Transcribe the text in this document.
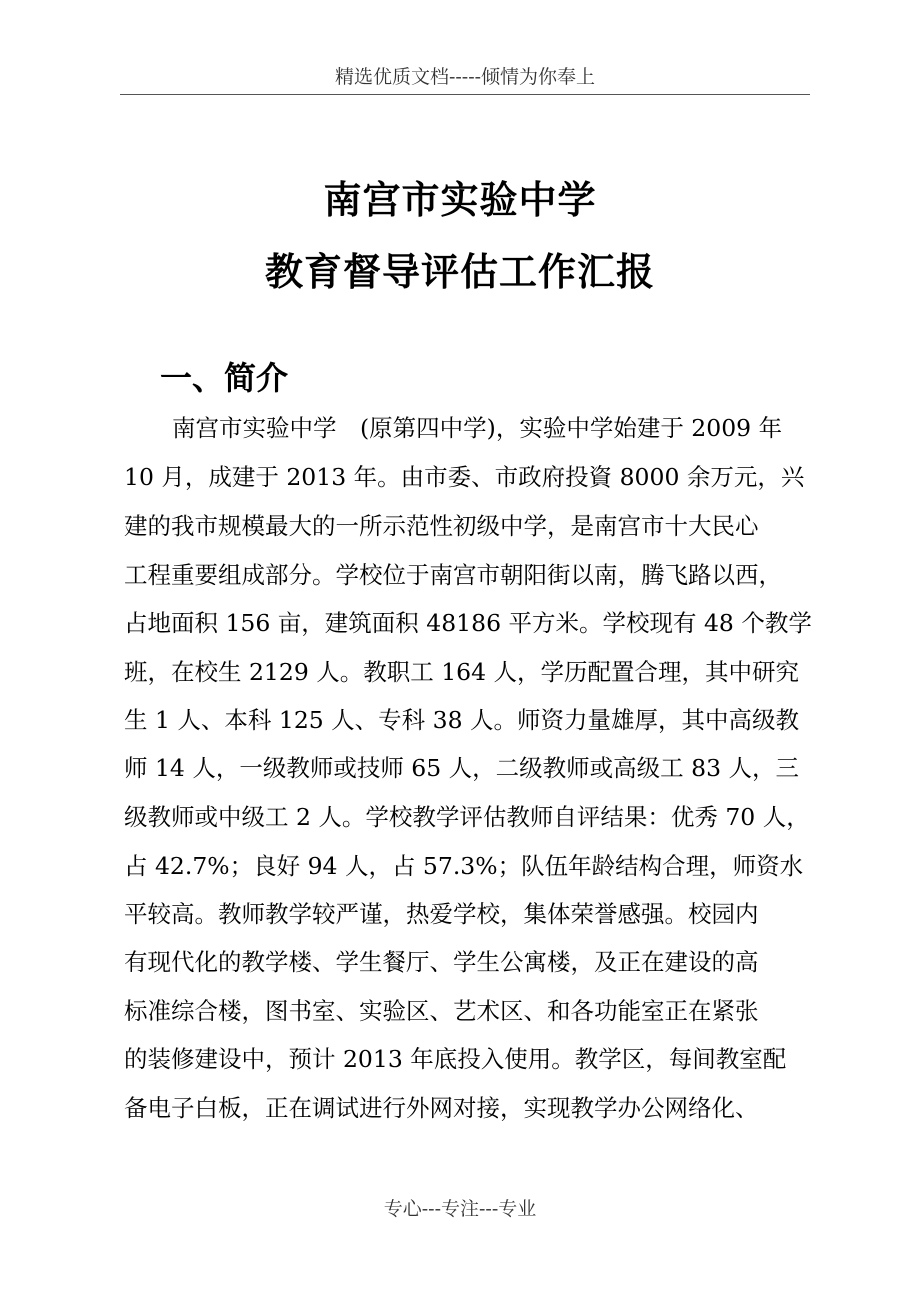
精选优质文档-----倾情为你奉上
南宫市实验中学
教育督导评估工作汇报
一、简介
南宫市实验中学　(原第四中学)，实验中学始建于 2009 年
10 月，成建于 2013 年。由市委、市政府投資 8000 余万元，兴
建的我市规模最大的一所示范性初级中学，是南宫市十大民心
工程重要组成部分。学校位于南宫市朝阳街以南，腾飞路以西，
占地面积 156 亩，建筑面积 48186 平方米。学校现有 48 个教学
班，在校生 2129 人。教职工 164 人，学历配置合理，其中研究
生 1 人、本科 125 人、专科 38 人。师资力量雄厚，其中高级教
师 14 人，一级教师或技师 65 人，二级教师或高级工 83 人，三
级教师或中级工 2 人。学校教学评估教师自评结果：优秀 70 人，
占 42.7%；良好 94 人，占 57.3%；队伍年龄结构合理，师资水
平较高。教师教学较严谨，热爱学校，集体荣誉感强。校园内
有现代化的教学楼、学生餐厅、学生公寓楼，及正在建设的高
标准综合楼，图书室、实验区、艺术区、和各功能室正在紧张
的装修建设中，预计 2013 年底投入使用。教学区，每间教室配
备电子白板，正在调试进行外网对接，实现教学办公网络化、
专心---专注---专业
